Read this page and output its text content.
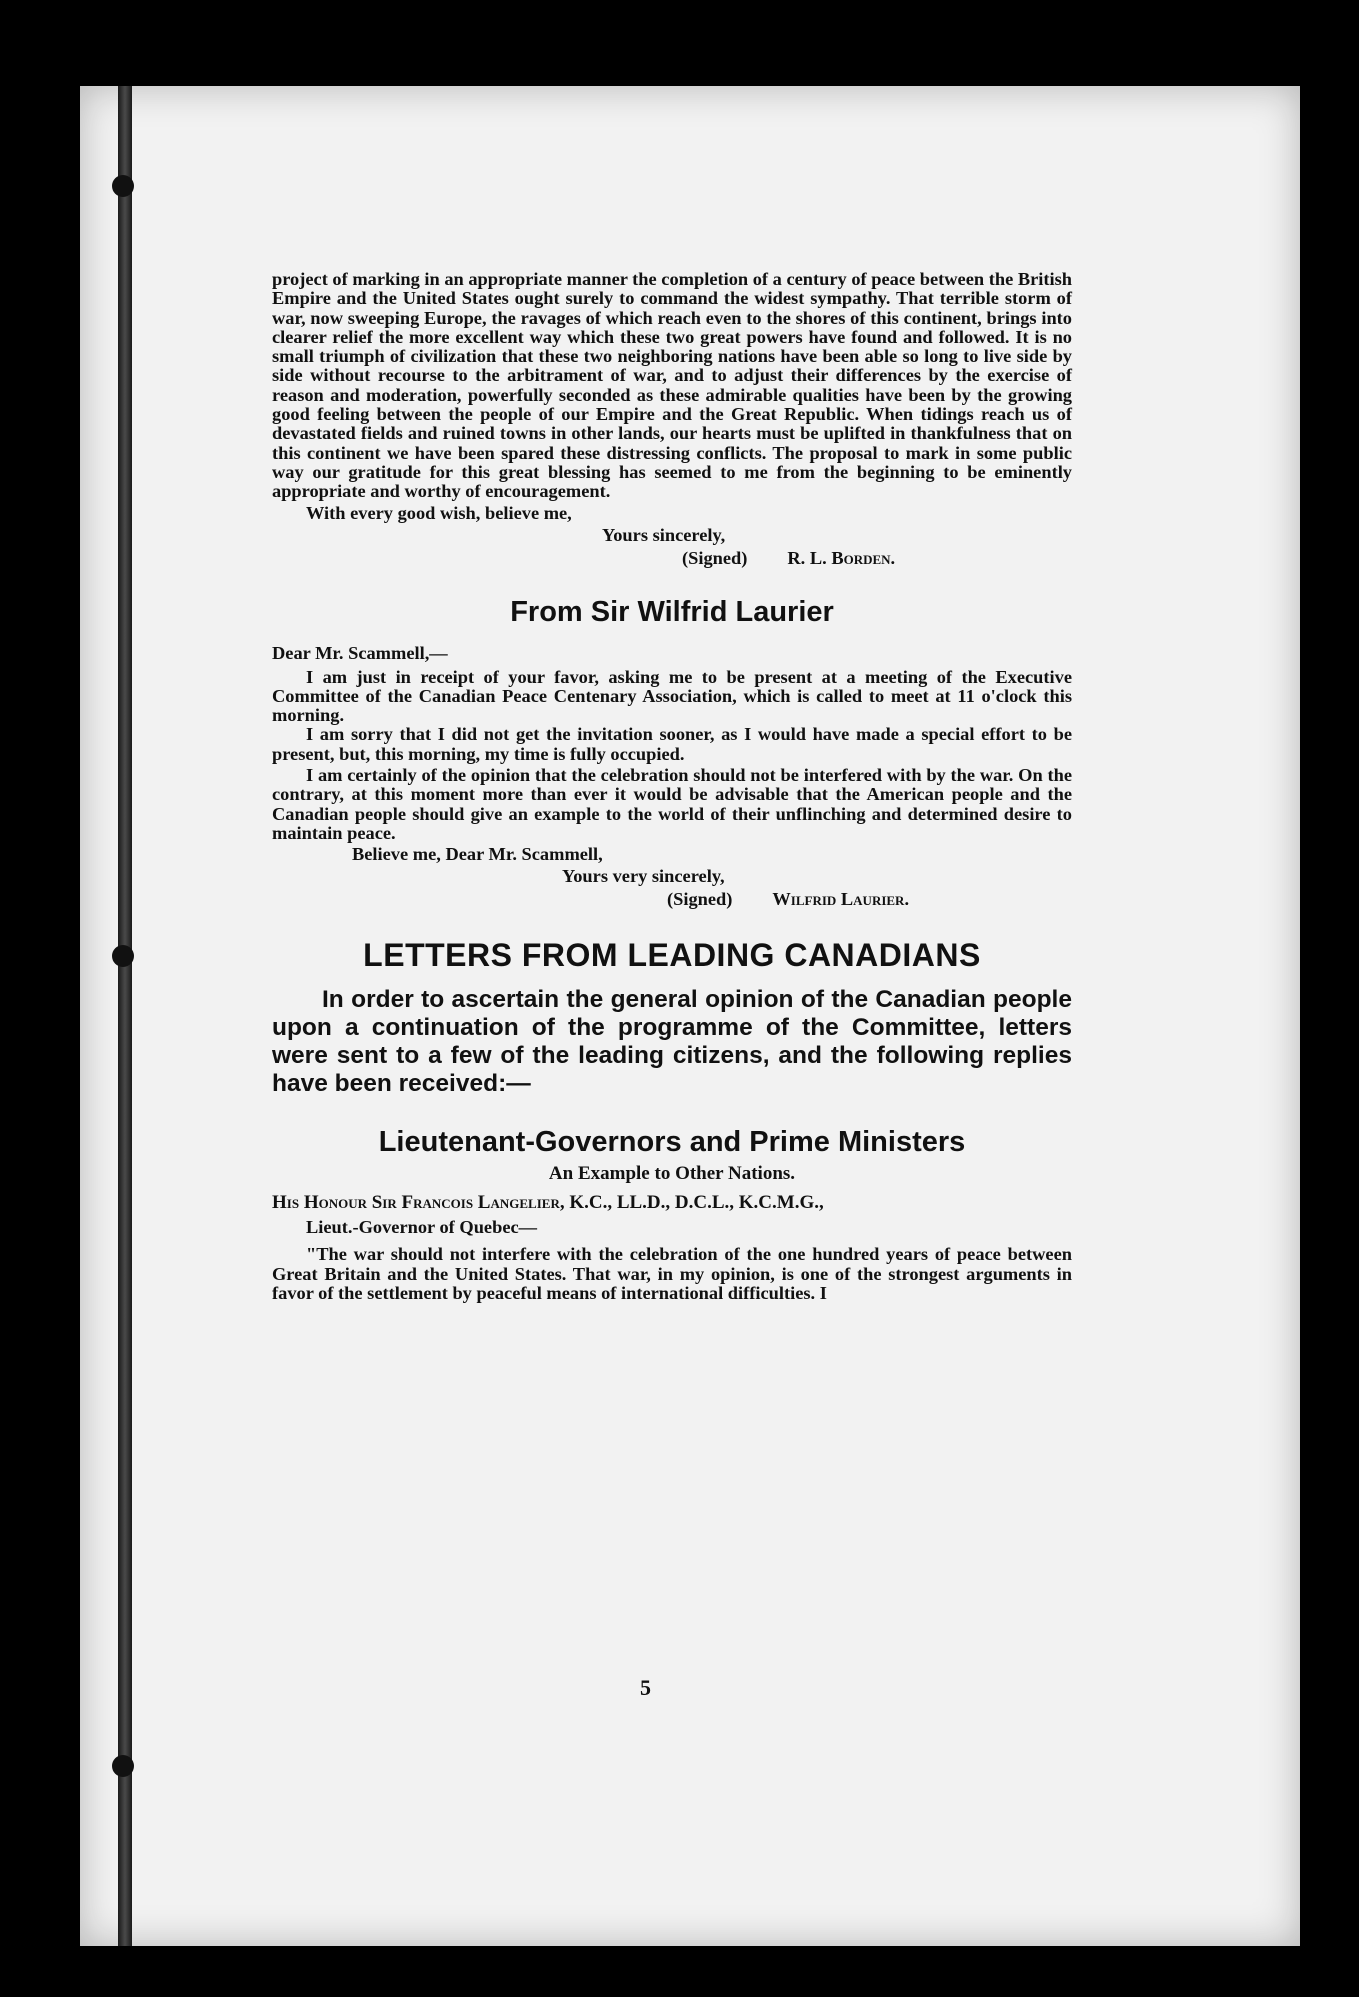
project of marking in an appropriate manner the completion of a century of peace between the British Empire and the United States ought surely to command the widest sympathy. That terrible storm of war, now sweeping Europe, the ravages of which reach even to the shores of this continent, brings into clearer relief the more excellent way which these two great powers have found and followed. It is no small triumph of civilization that these two neighboring nations have been able so long to live side by side without recourse to the arbitrament of war, and to adjust their differences by the exercise of reason and moderation, powerfully seconded as these admirable qualities have been by the growing good feeling between the people of our Empire and the Great Republic. When tidings reach us of devastated fields and ruined towns in other lands, our hearts must be uplifted in thankfulness that on this continent we have been spared these distressing conflicts. The proposal to mark in some public way our gratitude for this great blessing has seemed to me from the beginning to be eminently appropriate and worthy of encouragement.

With every good wish, believe me,

Yours sincerely,

(Signed) R. L. Borden.

From Sir Wilfrid Laurier

Dear Mr. Scammell,—

I am just in receipt of your favor, asking me to be present at a meeting of the Executive Committee of the Canadian Peace Centenary Association, which is called to meet at 11 o'clock this morning.

I am sorry that I did not get the invitation sooner, as I would have made a special effort to be present, but, this morning, my time is fully occupied.

I am certainly of the opinion that the celebration should not be interfered with by the war. On the contrary, at this moment more than ever it would be advisable that the American people and the Canadian people should give an example to the world of their unflinching and determined desire to maintain peace.

Believe me, Dear Mr. Scammell,

Yours very sincerely,

(Signed) Wilfrid Laurier.

LETTERS FROM LEADING CANADIANS

In order to ascertain the general opinion of the Canadian people upon a continuation of the programme of the Committee, letters were sent to a few of the leading citizens, and the following replies have been received:—

Lieutenant-Governors and Prime Ministers
An Example to Other Nations.

His Honour Sir Francois Langelier, K.C., LL.D., D.C.L., K.C.M.G.,

Lieut.-Governor of Quebec—

"The war should not interfere with the celebration of the one hundred years of peace between Great Britain and the United States. That war, in my opinion, is one of the strongest arguments in favor of the settlement by peaceful means of international difficulties. I

5
